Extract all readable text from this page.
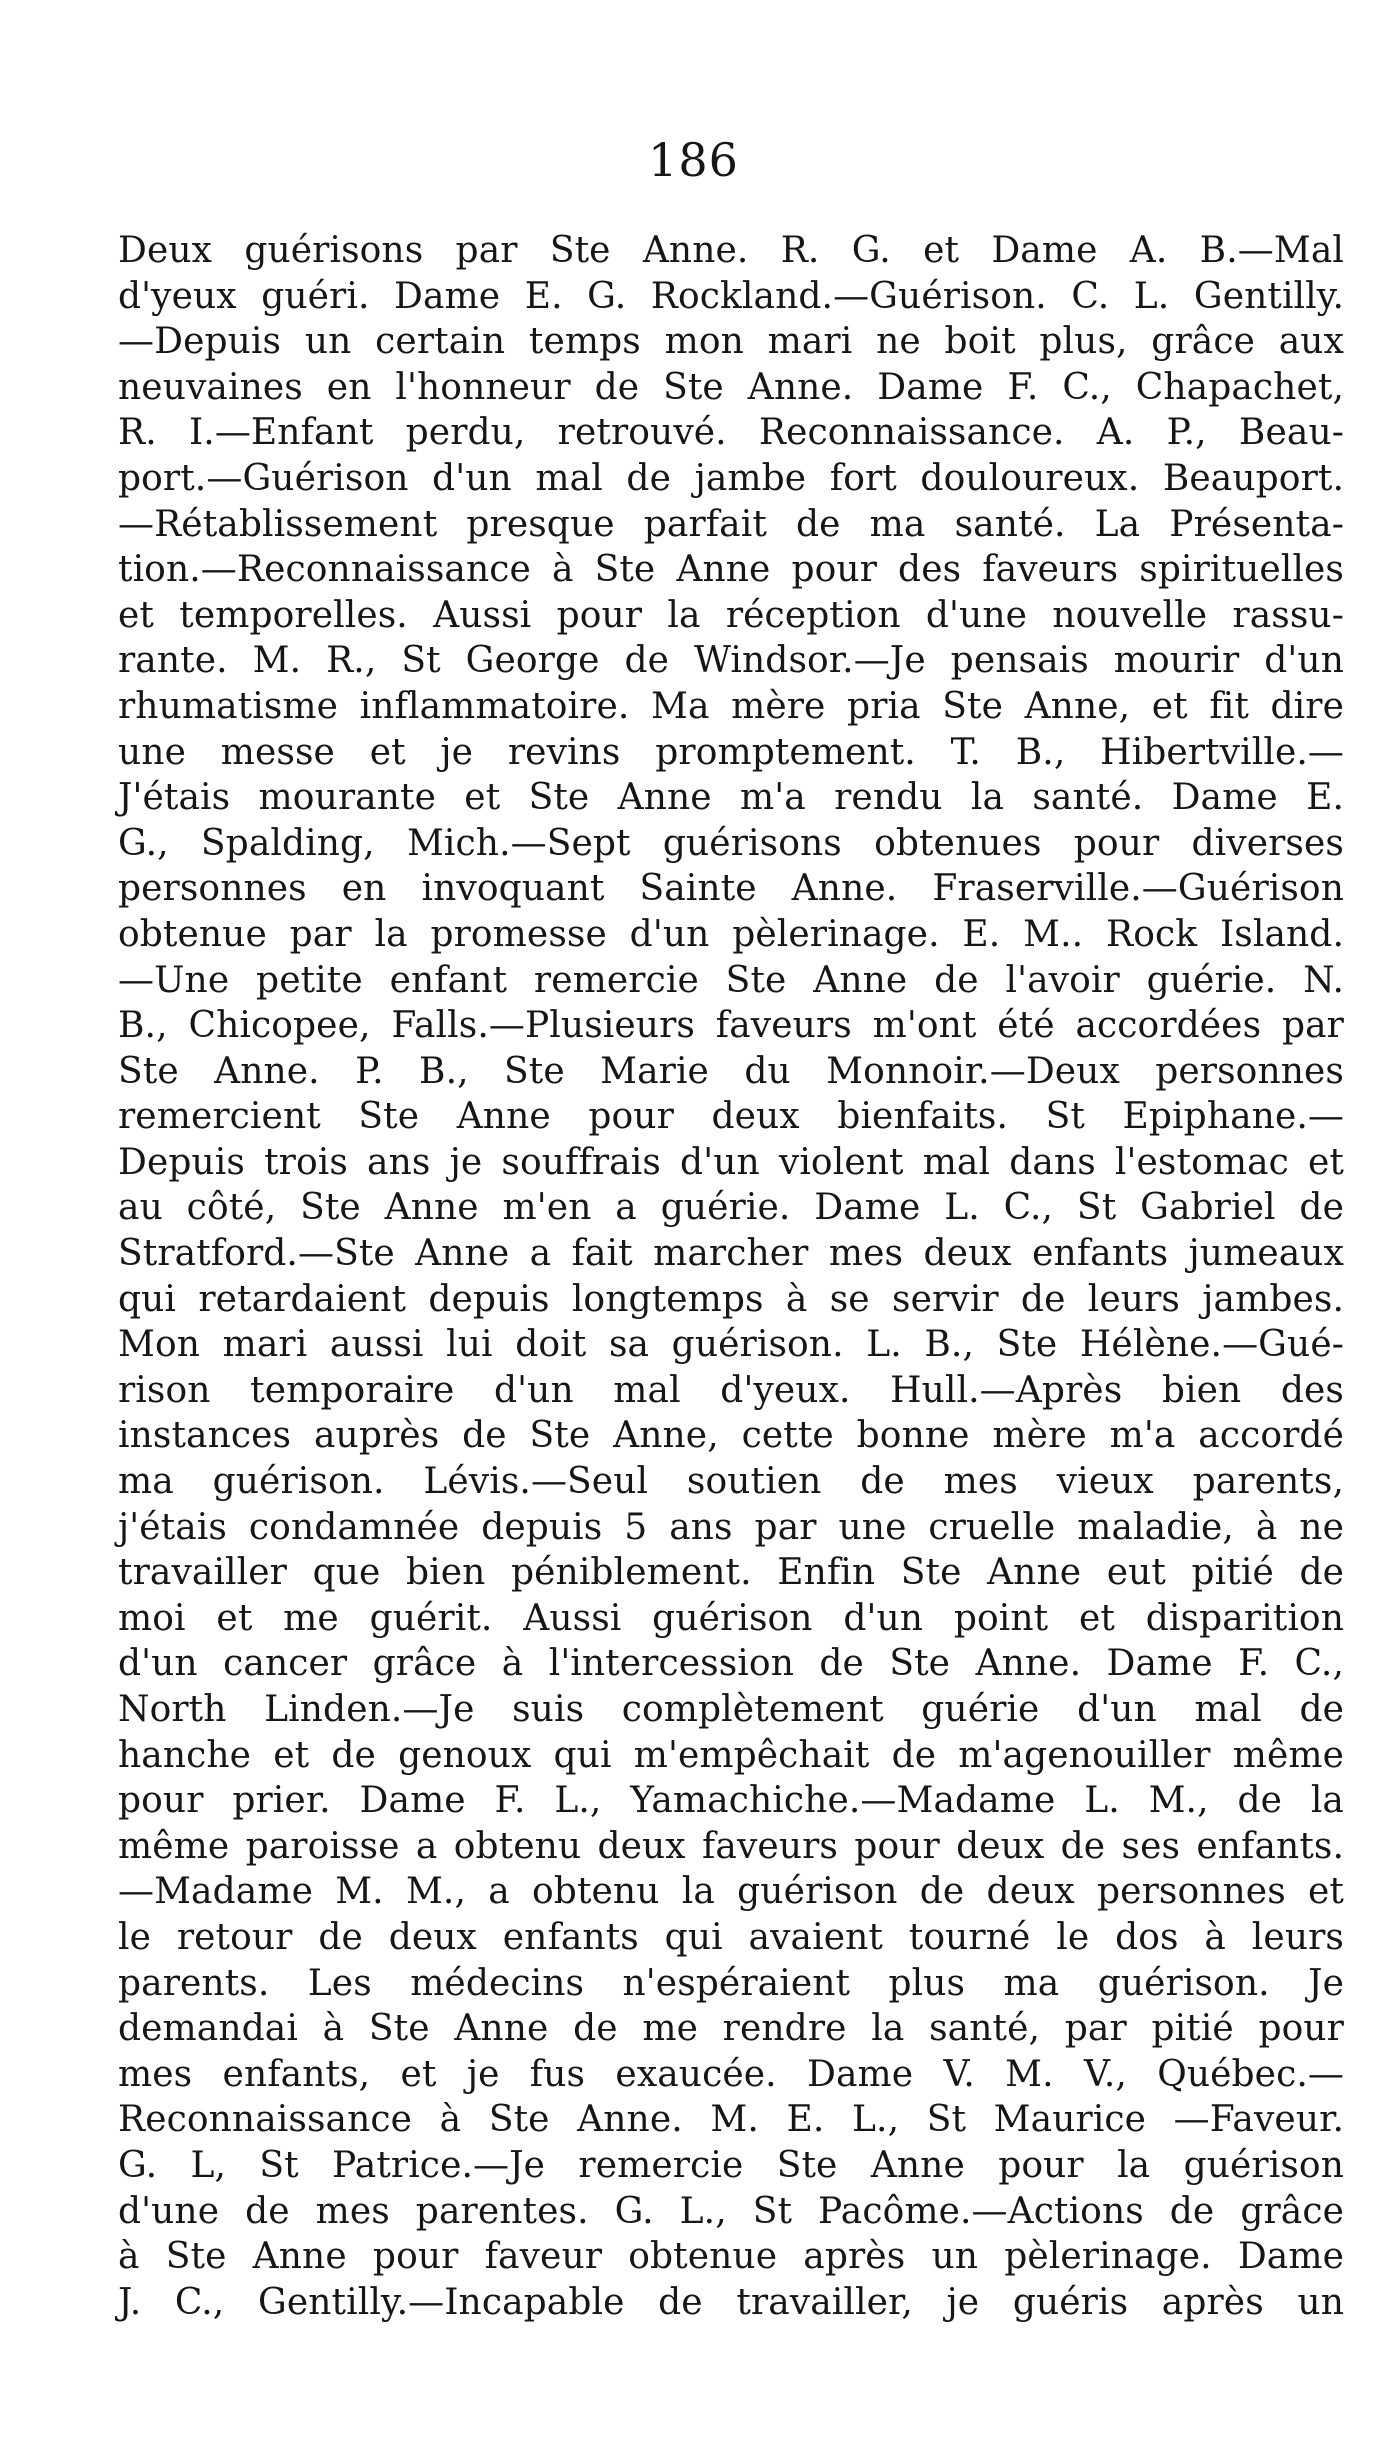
186
Deux guérisons par Ste Anne. R. G. et Dame A. B.—Mal
d'yeux guéri. Dame E. G. Rockland.—Guérison. C. L. Gentilly.
—Depuis un certain temps mon mari ne boit plus, grâce aux
neuvaines en l'honneur de Ste Anne. Dame F. C., Chapachet,
R. I.—Enfant perdu, retrouvé. Reconnaissance. A. P., Beau-
port.—Guérison d'un mal de jambe fort douloureux. Beauport.
—Rétablissement presque parfait de ma santé. La Présenta-
tion.—Reconnaissance à Ste Anne pour des faveurs spirituelles
et temporelles. Aussi pour la réception d'une nouvelle rassu-
rante. M. R., St George de Windsor.—Je pensais mourir d'un
rhumatisme inflammatoire. Ma mère pria Ste Anne, et fit dire
une messe et je revins promptement. T. B., Hibertville.—
J'étais mourante et Ste Anne m'a rendu la santé. Dame E.
G., Spalding, Mich.—Sept guérisons obtenues pour diverses
personnes en invoquant Sainte Anne. Fraserville.—Guérison
obtenue par la promesse d'un pèlerinage. E. M.. Rock Island.
—Une petite enfant remercie Ste Anne de l'avoir guérie. N.
B., Chicopee, Falls.—Plusieurs faveurs m'ont été accordées par
Ste Anne. P. B., Ste Marie du Monnoir.—Deux personnes
remercient Ste Anne pour deux bienfaits. St Epiphane.—
Depuis trois ans je souffrais d'un violent mal dans l'estomac et
au côté, Ste Anne m'en a guérie. Dame L. C., St Gabriel de
Stratford.—Ste Anne a fait marcher mes deux enfants jumeaux
qui retardaient depuis longtemps à se servir de leurs jambes.
Mon mari aussi lui doit sa guérison. L. B., Ste Hélène.—Gué-
rison temporaire d'un mal d'yeux. Hull.—Après bien des
instances auprès de Ste Anne, cette bonne mère m'a accordé
ma guérison. Lévis.—Seul soutien de mes vieux parents,
j'étais condamnée depuis 5 ans par une cruelle maladie, à ne
travailler que bien péniblement. Enfin Ste Anne eut pitié de
moi et me guérit. Aussi guérison d'un point et disparition
d'un cancer grâce à l'intercession de Ste Anne. Dame F. C.,
North Linden.—Je suis complètement guérie d'un mal de
hanche et de genoux qui m'empêchait de m'agenouiller même
pour prier. Dame F. L., Yamachiche.—Madame L. M., de la
même paroisse a obtenu deux faveurs pour deux de ses enfants.
—Madame M. M., a obtenu la guérison de deux personnes et
le retour de deux enfants qui avaient tourné le dos à leurs
parents. Les médecins n'espéraient plus ma guérison. Je
demandai à Ste Anne de me rendre la santé, par pitié pour
mes enfants, et je fus exaucée. Dame V. M. V., Québec.—
Reconnaissance à Ste Anne. M. E. L., St Maurice —Faveur.
G. L, St Patrice.—Je remercie Ste Anne pour la guérison
d'une de mes parentes. G. L., St Pacôme.—Actions de grâce
à Ste Anne pour faveur obtenue après un pèlerinage. Dame
J. C., Gentilly.—Incapable de travailler, je guéris après un
